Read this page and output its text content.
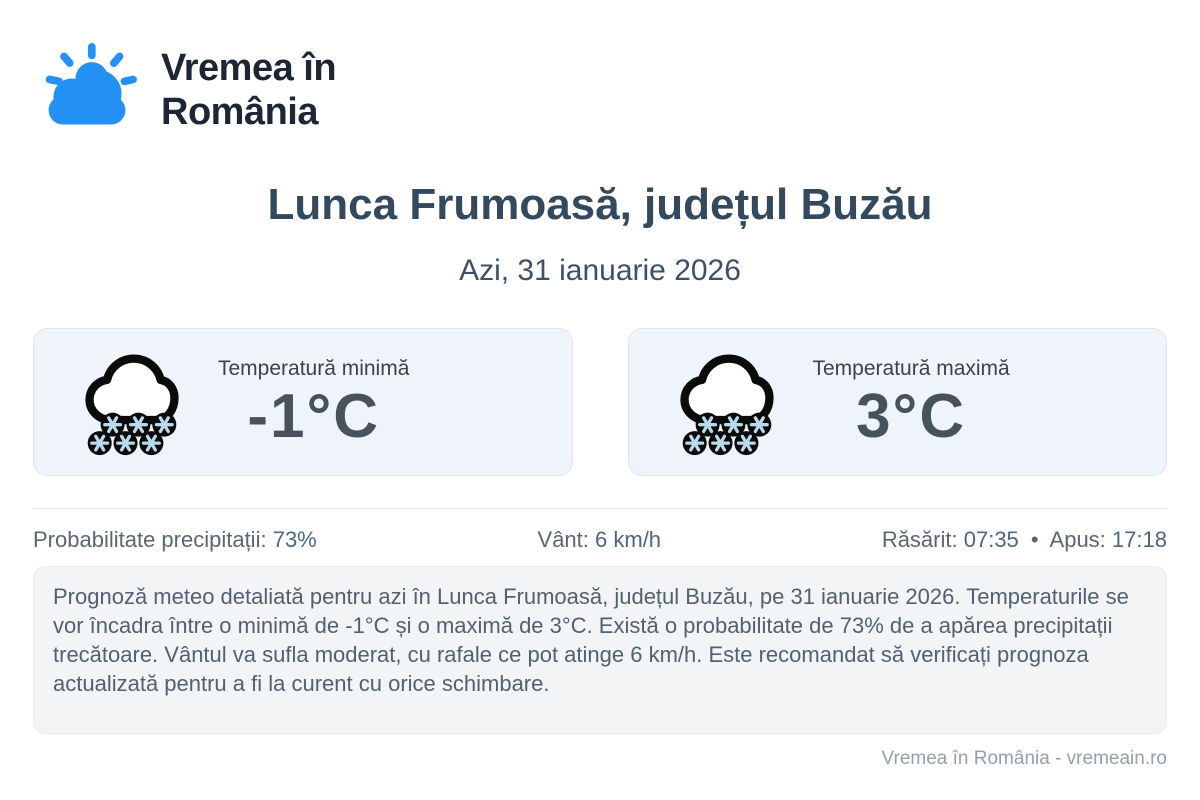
Vremea în
România
Lunca Frumoasă, județul Buzău
Azi, 31 ianuarie 2026
Temperatură minimă
-1°C
Temperatură maximă
3°C
Probabilitate precipitații: 73%	Vânt: 6 km/h	Răsărit: 07:35 • Apus: 17:18
Prognoză meteo detaliată pentru azi în Lunca Frumoasă, județul Buzău, pe 31 ianuarie 2026. Temperaturile se vor încadra între o minimă de -1°C și o maximă de 3°C. Există o probabilitate de 73% de a apărea precipitații trecătoare. Vântul va sufla moderat, cu rafale ce pot atinge 6 km/h. Este recomandat să verificați prognoza actualizată pentru a fi la curent cu orice schimbare.
Vremea în România - vremeain.ro
